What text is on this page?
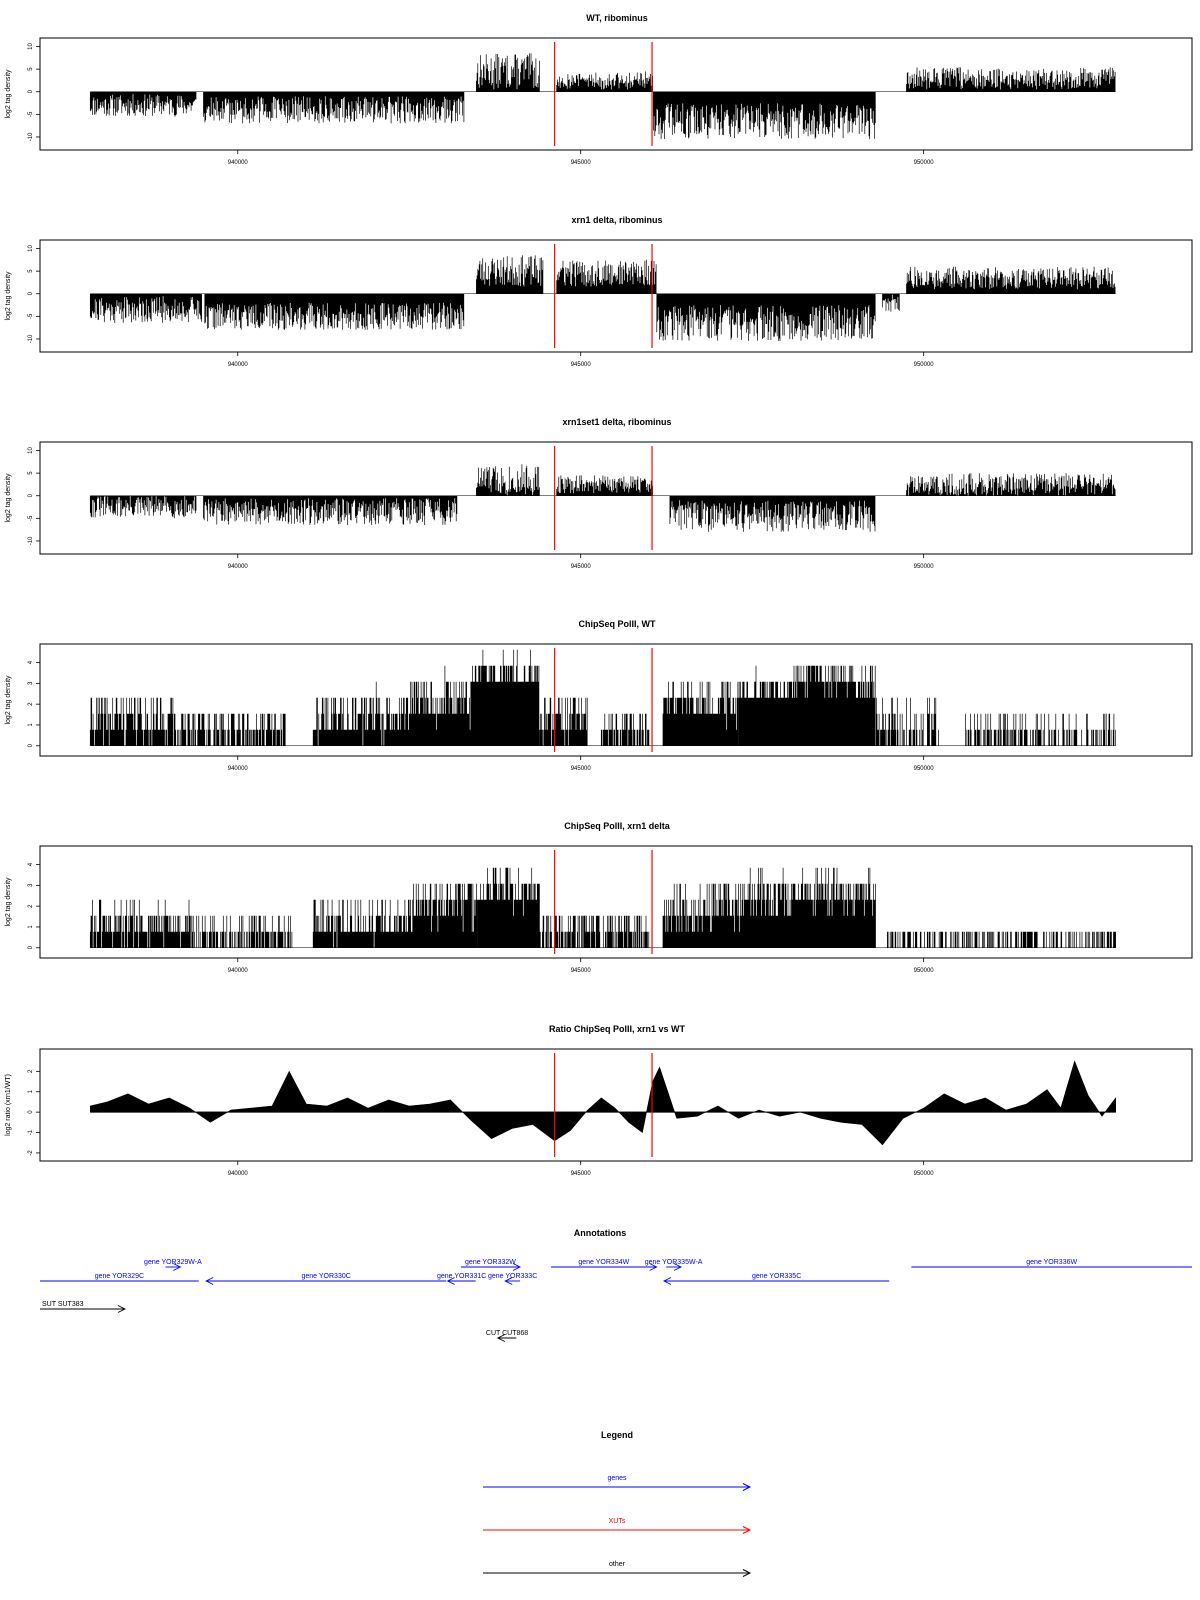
WT, ribominus
-10
-5
0
5
10
log2 tag density
940000	945000	950000
xrn1 delta, ribominus
-10
-5
0
5
10
log2 tag density
940000	945000	950000
xrn1set1 delta, ribominus
-10
-5
0
5
10
log2 tag density
940000	945000	950000
ChipSeq PolII, WT
0
1
2
3
4
log2 tag density
940000	945000	950000
ChipSeq PolII, xrn1 delta
0
1
2
3
4
log2 tag density
940000	945000	950000
Ratio ChipSeq PolII, xrn1 vs WT
-2
-1
0
1
2
log2 ratio (xrn1/WT)
940000	945000	950000
Annotations
gene YOR329C
gene YOR329W-A
gene YOR330C	gene YOR331C
gene YOR332W
gene YOR333C
gene YOR334W gene YOR335W-A
gene YOR335C
gene YOR336W
SUT SUT383
CUT CUT868
Legend
genes
XUTs
other
